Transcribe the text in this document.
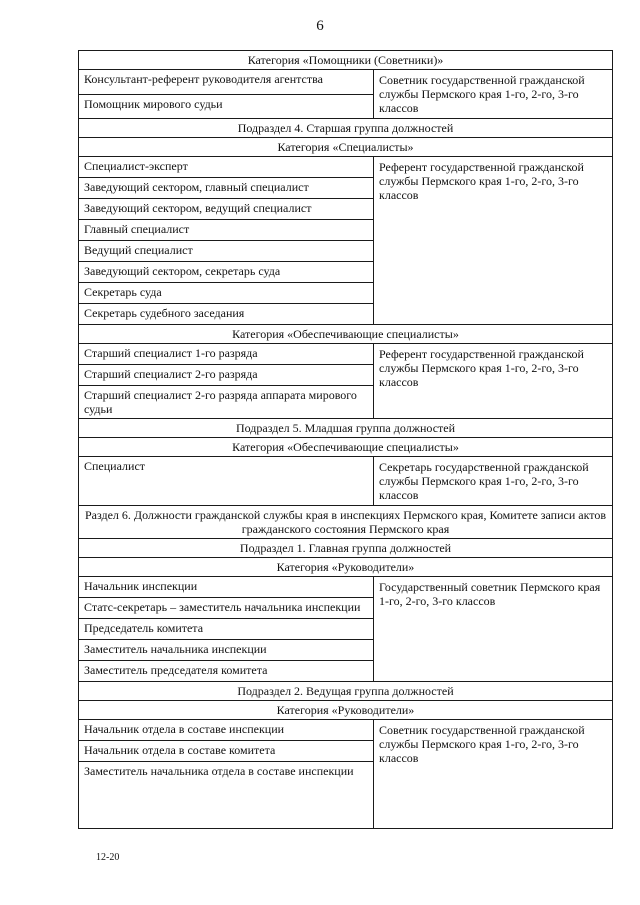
6
Категория «Помощники (Советники)»	
Консультант-референт руководителя агентства	Советник государственной гражданской службы Пермского края 1-го, 2-го, 3-го классов
Помощник мирового судьи	
Подраздел 4. Старшая группа должностей	
Категория «Специалисты»	
Специалист-эксперт	Референт государственной гражданской службы Пермского края 1-го, 2-го, 3-го классов
Заведующий сектором, главный специалист	
Заведующий сектором, ведущий специалист	
Главный специалист	
Ведущий специалист	
Заведующий сектором, секретарь суда	
Секретарь суда	
Секретарь судебного заседания	
Категория «Обеспечивающие специалисты»	
Старший специалист 1-го разряда	Референт государственной гражданской службы Пермского края 1-го, 2-го, 3-го классов
Старший специалист 2-го разряда	
Старший специалист 2-го разряда аппарата мирового судьи	
Подраздел 5. Младшая группа должностей	
Категория «Обеспечивающие специалисты»	
Специалист	Секретарь государственной гражданской службы Пермского края 1-го, 2-го, 3-го классов
Раздел 6. Должности гражданской службы края в инспекциях Пермского края, Комитете записи актов гражданского состояния Пермского края	
Подраздел 1. Главная группа должностей	
Категория «Руководители»	
Начальник инспекции	Государственный советник Пермского края 1-го, 2-го, 3-го классов
Статс-секретарь – заместитель начальника инспекции	
Председатель комитета	
Заместитель начальника инспекции	
Заместитель председателя комитета	
Подраздел 2. Ведущая группа должностей	
Категория «Руководители»	
Начальник отдела в составе инспекции	Советник государственной гражданской службы Пермского края 1-го, 2-го, 3-го классов
Начальник отдела в составе комитета	
Заместитель начальника отдела в составе инспекции	
12-20
